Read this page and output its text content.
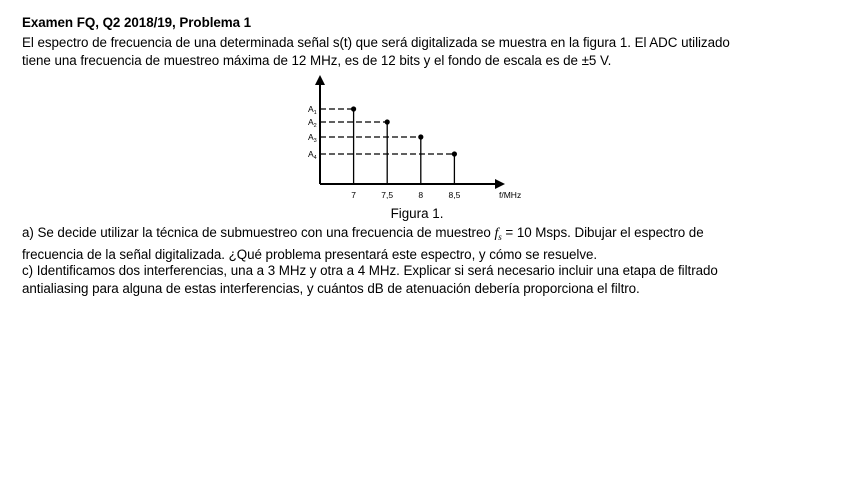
Examen FQ, Q2 2018/19, Problema 1
El espectro de frecuencia de una determinada señal s(t) que será digitalizada se muestra en la figura 1. El ADC utilizado
tiene una frecuencia de muestreo máxima de 12 MHz, es de 12 bits y el fondo de escala es de ±5 V.
$A_1$
$A_2$
$A_3$
$A_4$
7	7,5	8	8,5	f/MHz
Figura 1.
a) Se decide utilizar la técnica de submuestreo con una frecuencia de muestreo $f_s = 10$ Msps. Dibujar el espectro de
frecuencia de la señal digitalizada. ¿Qué problema presentará este espectro, y cómo se resuelve.
c) Identificamos dos interferencias, una a 3 MHz y otra a 4 MHz. Explicar si será necesario incluir una etapa de filtrado
antialiasing para alguna de estas interferencias, y cuántos dB de atenuación debería proporciona el filtro.
